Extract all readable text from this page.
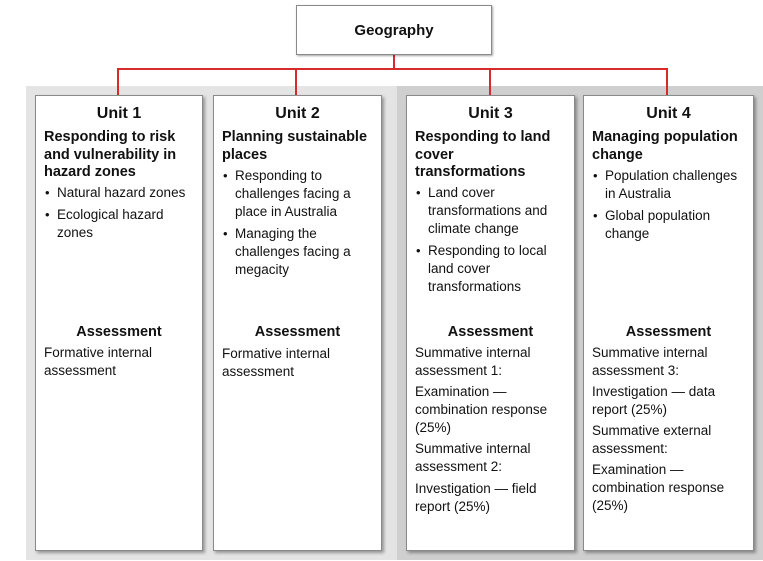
Geography
Unit 1
Responding to risk and vulnerability in hazard zones
• Natural hazard zones
• Ecological hazard zones
Assessment
Formative internal assessment
Unit 2
Planning sustainable places
• Responding to challenges facing a place in Australia
• Managing the challenges facing a megacity
Assessment
Formative internal assessment
Unit 3
Responding to land cover transformations
• Land cover transformations and climate change
• Responding to local land cover transformations
Assessment
Summative internal assessment 1:
Examination — combination response (25%)
Summative internal assessment 2:
Investigation — field report (25%)
Unit 4
Managing population change
• Population challenges in Australia
• Global population change
Assessment
Summative internal assessment 3:
Investigation — data report (25%)
Summative external assessment:
Examination — combination response (25%)
